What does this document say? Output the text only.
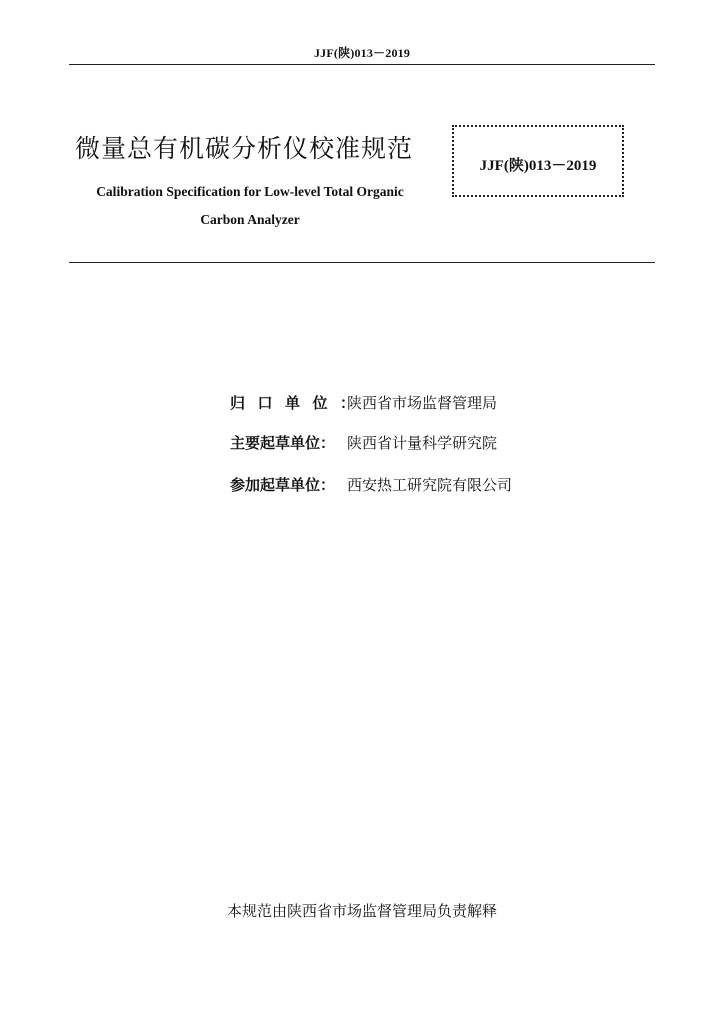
JJF(陕)013－2019
微量总有机碳分析仪校准规范
JJF(陕)013－2019
Calibration Specification for Low-level Total Organic
Carbon Analyzer
归口单位：
陕西省市场监督管理局
主要起草单位： 陕西省计量科学研究院
参加起草单位： 西安热工研究院有限公司
本规范由陕西省市场监督管理局负责解释
